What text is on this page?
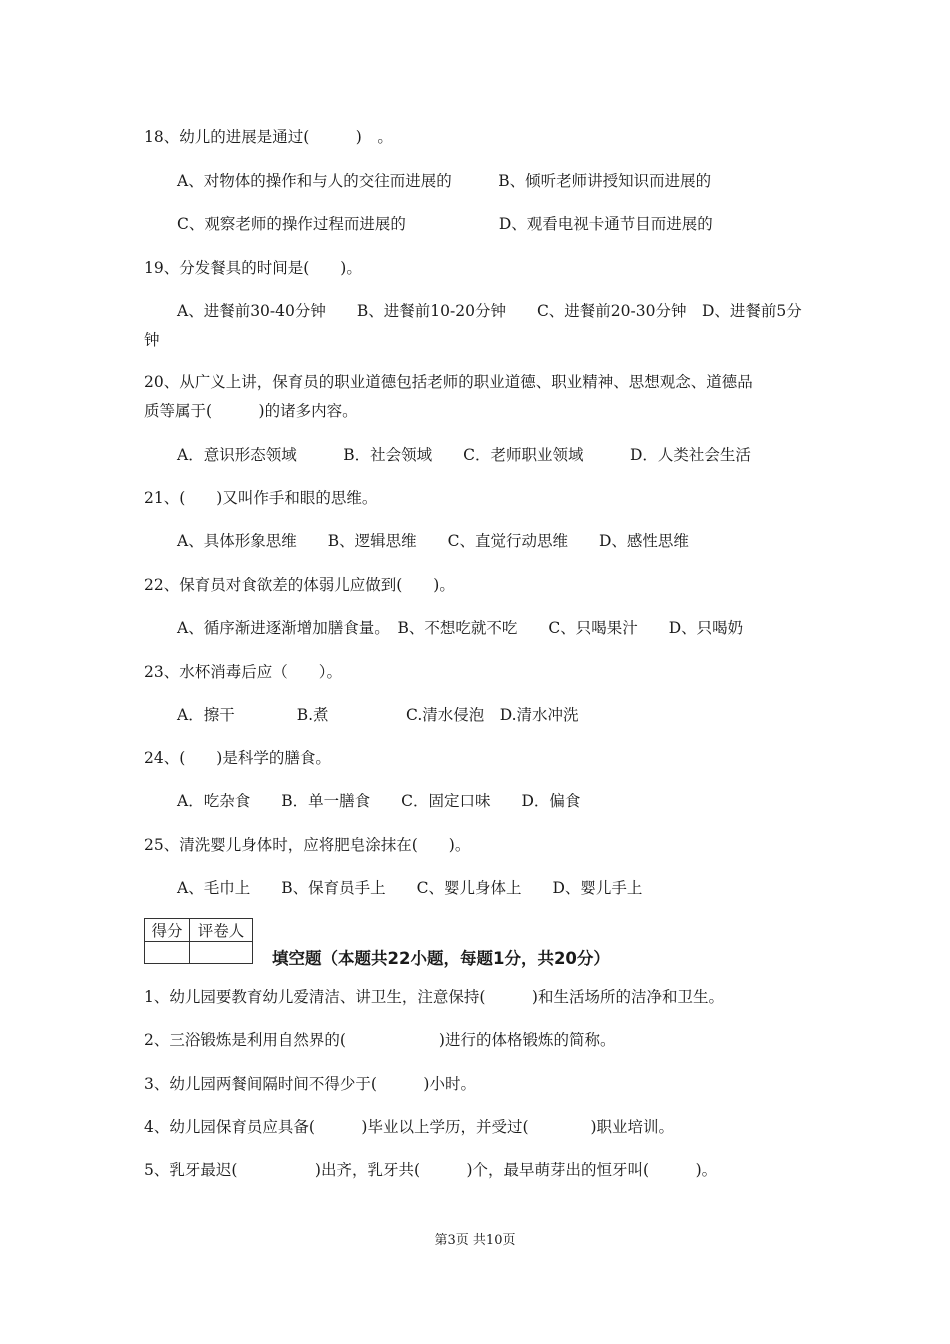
18、幼儿的进展是通过(　　　)　。
A、对物体的操作和与人的交往而进展的　　　B、倾听老师讲授知识而进展的
C、观察老师的操作过程而进展的　　　　　　D、观看电视卡通节目而进展的
19、分发餐具的时间是(　　)。
A、进餐前30-40分钟　　B、进餐前10-20分钟　　C、进餐前20-30分钟　D、进餐前5分
钟
20、从广义上讲，保育员的职业道德包括老师的职业道德、职业精神、思想观念、道德品
质等属于(　　　)的诸多内容。
A．意识形态领域　　　B．社会领域　　C．老师职业领域　　　D．人类社会生活
21、(　　)又叫作手和眼的思维。
A、具体形象思维　　B、逻辑思维　　C、直觉行动思维　　D、感性思维
22、保育员对食欲差的体弱儿应做到(　　)。
A、循序渐进逐渐增加膳食量。　B、不想吃就不吃　　C、只喝果汁　　D、只喝奶
23、水杯消毒后应（　　）。
A．擦干　　　　B.煮　　　　　C.清水侵泡　D.清水冲洗
24、(　　)是科学的膳食。
A．吃杂食　　B．单一膳食　　C．固定口味　　D．偏食
25、清洗婴儿身体时，应将肥皂涂抹在(　　)。
A、毛巾上　　B、保育员手上　　C、婴儿身体上　　D、婴儿手上
得分	评卷人

填空题（本题共22小题，每题1分，共20分）
1、幼儿园要教育幼儿爱清洁、讲卫生，注意保持(　　　)和生活场所的洁净和卫生。
2、三浴锻炼是利用自然界的(　　　　　　)进行的体格锻炼的简称。
3、幼儿园两餐间隔时间不得少于(　　　)小时。
4、幼儿园保育员应具备(　　　)毕业以上学历，并受过(　　　　)职业培训。
5、乳牙最迟(　　　　　)出齐，乳牙共(　　　)个，最早萌芽出的恒牙叫(　　　)。
第3页 共10页
